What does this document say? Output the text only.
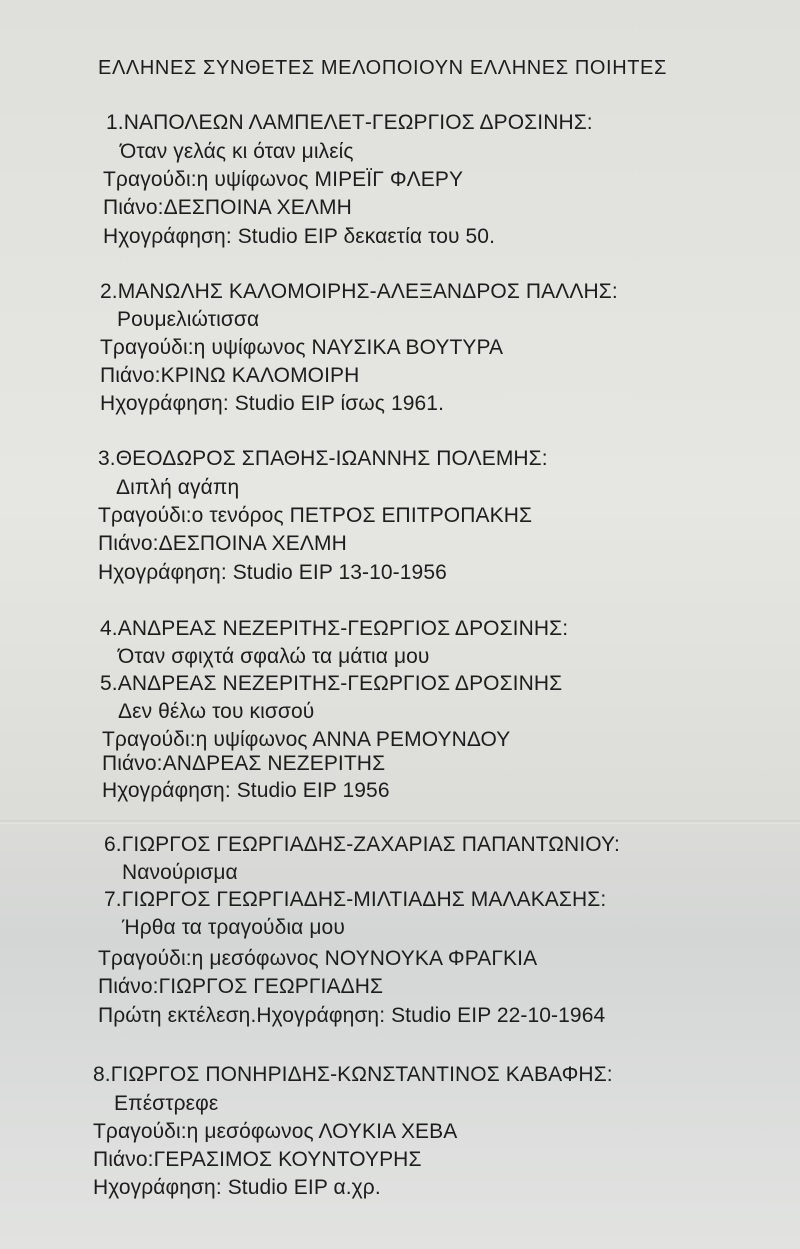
ΕΛΛΗΝΕΣ ΣΥΝΘΕΤΕΣ ΜΕΛΟΠΟΙΟΥΝ ΕΛΛΗΝΕΣ ΠΟΙΗΤΕΣ
1.ΝΑΠΟΛΕΩΝ ΛΑΜΠΕΛΕΤ-ΓΕΩΡΓΙΟΣ ΔΡΟΣΙΝΗΣ:
Όταν γελάς κι όταν μιλείς
Τραγούδι:η υψίφωνος ΜΙΡΕΪΓ ΦΛΕΡΥ
Πιάνο:ΔΕΣΠΟΙΝΑ ΧΕΛΜΗ
Ηχογράφηση: Studio ΕΙΡ δεκαετία του 50.
2.ΜΑΝΩΛΗΣ ΚΑΛΟΜΟΙΡΗΣ-ΑΛΕΞΑΝΔΡΟΣ ΠΑΛΛΗΣ:
Ρουμελιώτισσα
Τραγούδι:η υψίφωνος ΝΑΥΣΙΚΑ ΒΟΥΤΥΡΑ
Πιάνο:ΚΡΙΝΩ ΚΑΛΟΜΟΙΡΗ
Ηχογράφηση: Studio ΕΙΡ ίσως 1961.
3.ΘΕΟΔΩΡΟΣ ΣΠΑΘΗΣ-ΙΩΑΝΝΗΣ ΠΟΛΕΜΗΣ:
Διπλή αγάπη
Τραγούδι:ο τενόρος ΠΕΤΡΟΣ ΕΠΙΤΡΟΠΑΚΗΣ
Πιάνο:ΔΕΣΠΟΙΝΑ ΧΕΛΜΗ
Ηχογράφηση: Studio ΕΙΡ 13-10-1956
4.ΑΝΔΡΕΑΣ ΝΕΖΕΡΙΤΗΣ-ΓΕΩΡΓΙΟΣ ΔΡΟΣΙΝΗΣ:
Όταν σφιχτά σφαλώ τα μάτια μου
5.ΑΝΔΡΕΑΣ ΝΕΖΕΡΙΤΗΣ-ΓΕΩΡΓΙΟΣ ΔΡΟΣΙΝΗΣ
Δεν θέλω του κισσού
Τραγούδι:η υψίφωνος ΑΝΝΑ ΡΕΜΟΥΝΔΟΥ
Πιάνο:ΑΝΔΡΕΑΣ ΝΕΖΕΡΙΤΗΣ
Ηχογράφηση: Studio ΕΙΡ 1956
6.ΓΙΩΡΓΟΣ ΓΕΩΡΓΙΑΔΗΣ-ΖΑΧΑΡΙΑΣ ΠΑΠΑΝΤΩΝΙΟΥ:
Νανούρισμα
7.ΓΙΩΡΓΟΣ ΓΕΩΡΓΙΑΔΗΣ-ΜΙΛΤΙΑΔΗΣ ΜΑΛΑΚΑΣΗΣ:
Ήρθα τα τραγούδια μου
Τραγούδι:η μεσόφωνος ΝΟΥΝΟΥΚΑ ΦΡΑΓΚΙΑ
Πιάνο:ΓΙΩΡΓΟΣ ΓΕΩΡΓΙΑΔΗΣ
Πρώτη εκτέλεση.Ηχογράφηση: Studio ΕΙΡ 22-10-1964
8.ΓΙΩΡΓΟΣ ΠΟΝΗΡΙΔΗΣ-ΚΩΝΣΤΑΝΤΙΝΟΣ ΚΑΒΑΦΗΣ:
Επέστρεφε
Τραγούδι:η μεσόφωνος ΛΟΥΚΙΑ ΧΕΒΑ
Πιάνο:ΓΕΡΑΣΙΜΟΣ ΚΟΥΝΤΟΥΡΗΣ
Ηχογράφηση: Studio ΕΙΡ α.χρ.
